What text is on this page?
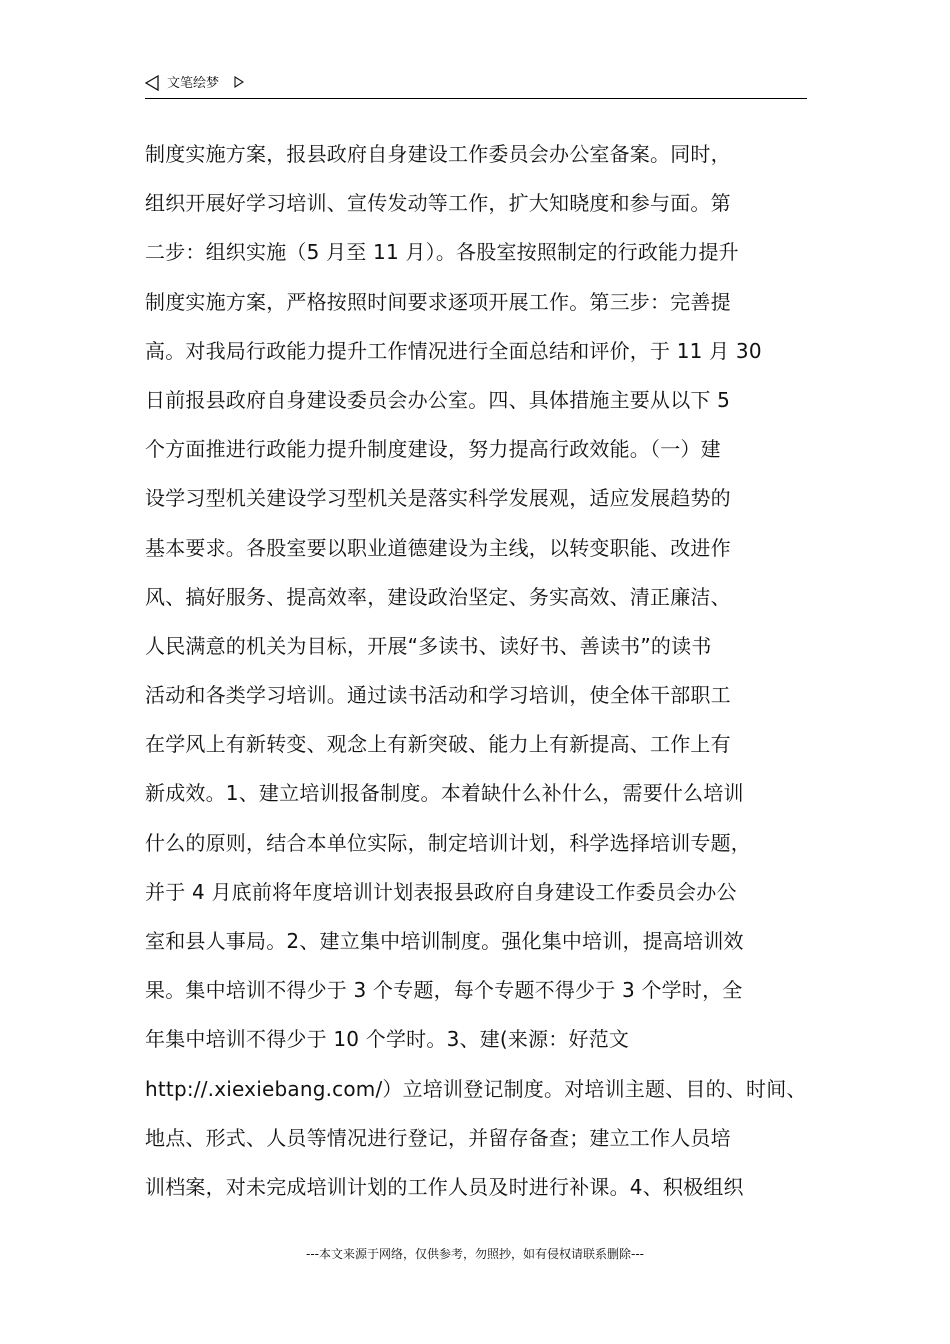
文笔绘梦
制度实施方案，报县政府自身建设工作委员会办公室备案。同时，
组织开展好学习培训、宣传发动等工作，扩大知晓度和参与面。第
二步：组织实施（5 月至 11 月）。各股室按照制定的行政能力提升
制度实施方案，严格按照时间要求逐项开展工作。第三步：完善提
高。对我局行政能力提升工作情况进行全面总结和评价，于 11 月 30
日前报县政府自身建设委员会办公室。四、具体措施主要从以下 5
个方面推进行政能力提升制度建设，努力提高行政效能。（一）建
设学习型机关建设学习型机关是落实科学发展观，适应发展趋势的
基本要求。各股室要以职业道德建设为主线，以转变职能、改进作
风、搞好服务、提高效率，建设政治坚定、务实高效、清正廉洁、
人民满意的机关为目标，开展“多读书、读好书、善读书”的读书
活动和各类学习培训。通过读书活动和学习培训，使全体干部职工
在学风上有新转变、观念上有新突破、能力上有新提高、工作上有
新成效。1、建立培训报备制度。本着缺什么补什么，需要什么培训
什么的原则，结合本单位实际，制定培训计划，科学选择培训专题，
并于 4 月底前将年度培训计划表报县政府自身建设工作委员会办公
室和县人事局。2、建立集中培训制度。强化集中培训，提高培训效
果。集中培训不得少于 3 个专题，每个专题不得少于 3 个学时，全
年集中培训不得少于 10 个学时。3、建(来源：好范文
http://.xiexiebang.com/）立培训登记制度。对培训主题、目的、时间、
地点、形式、人员等情况进行登记，并留存备查；建立工作人员培
训档案，对未完成培训计划的工作人员及时进行补课。4、积极组织
---本文来源于网络，仅供参考，勿照抄，如有侵权请联系删除---
